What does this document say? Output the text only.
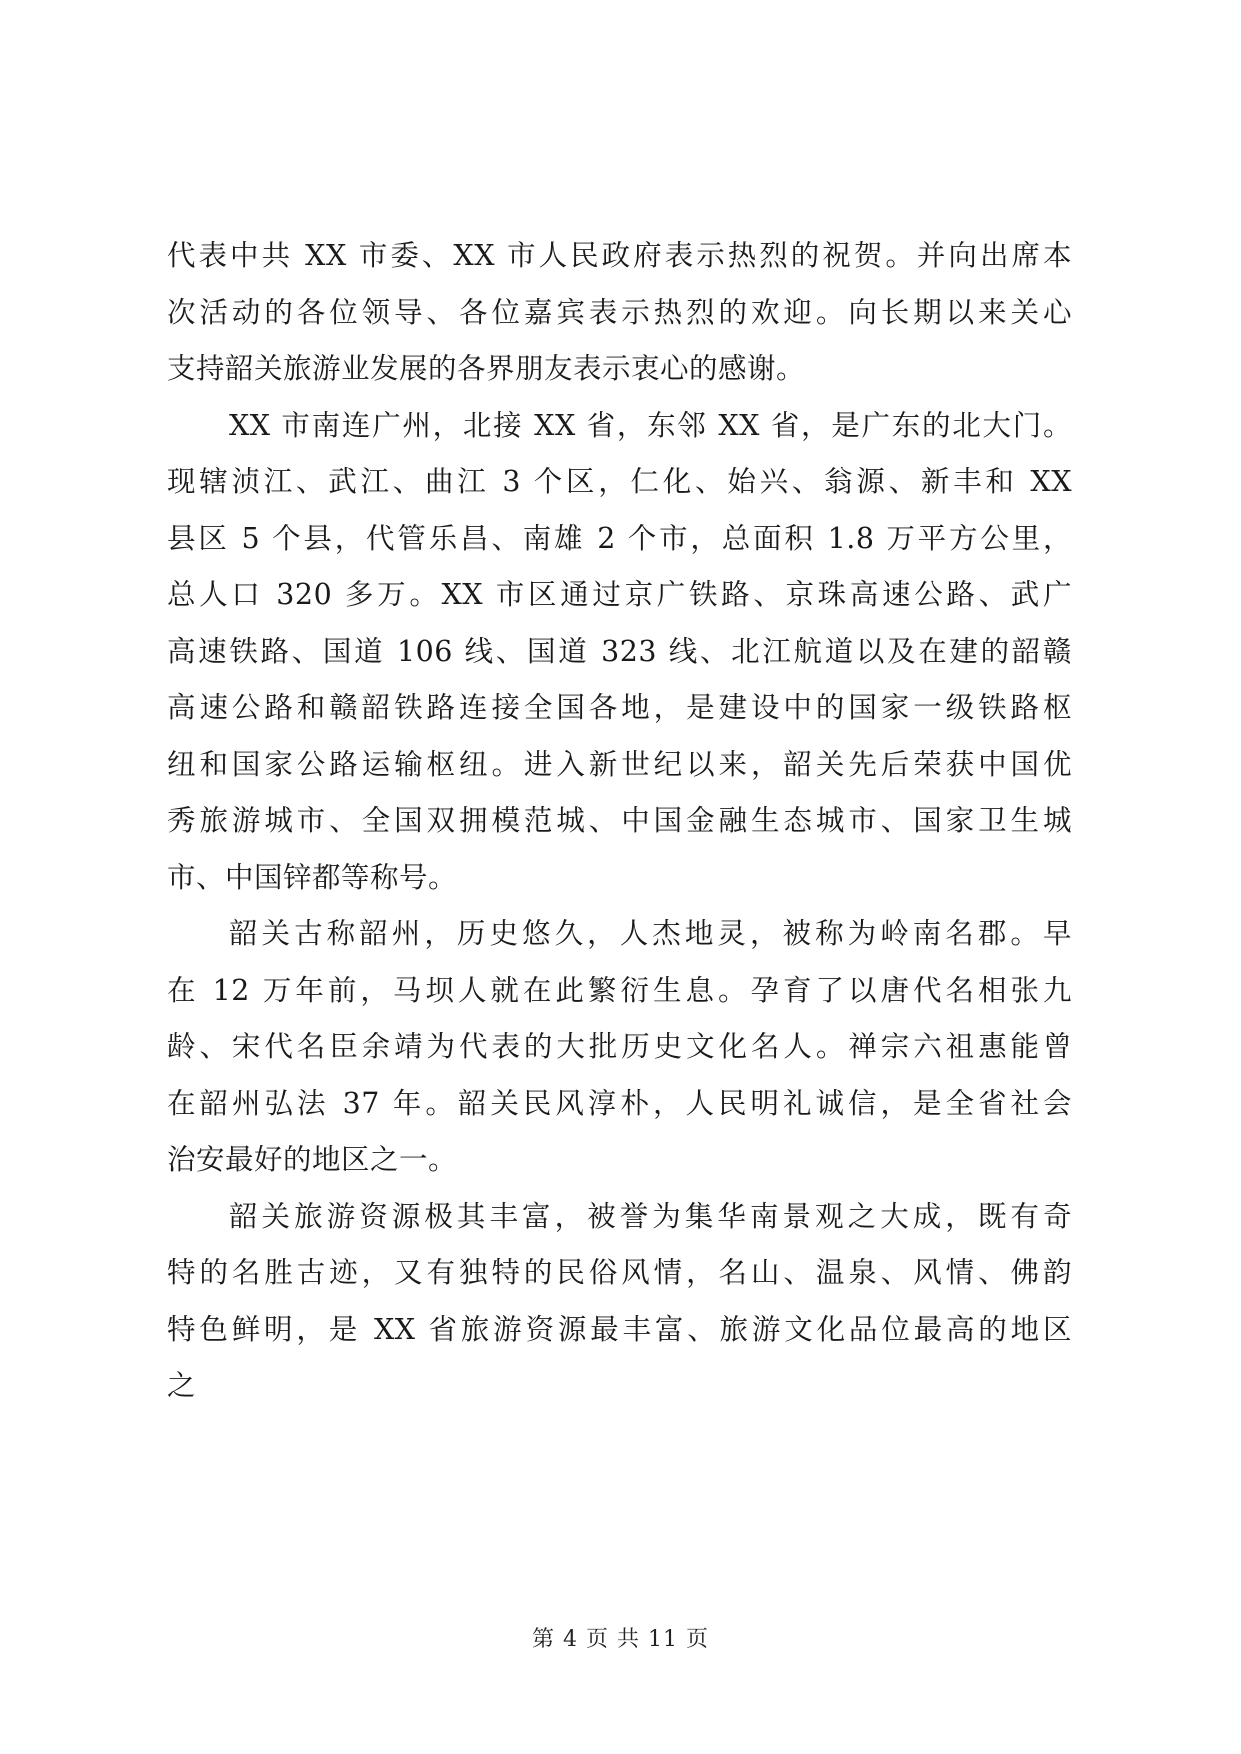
代表中共 XX 市委、XX 市人民政府表示热烈的祝贺。并向出席本
次活动的各位领导、各位嘉宾表示热烈的欢迎。向长期以来关心
支持韶关旅游业发展的各界朋友表示衷心的感谢。
XX 市南连广州，北接 XX 省，东邻 XX 省，是广东的北大门。
现辖浈江、武江、曲江 3 个区，仁化、始兴、翁源、新丰和 XX
县区 5 个县，代管乐昌、南雄 2 个市，总面积 1.8 万平方公里，
总人口 320 多万。XX 市区通过京广铁路、京珠高速公路、武广
高速铁路、国道 106 线、国道 323 线、北江航道以及在建的韶赣
高速公路和赣韶铁路连接全国各地，是建设中的国家一级铁路枢
纽和国家公路运输枢纽。进入新世纪以来，韶关先后荣获中国优
秀旅游城市、全国双拥模范城、中国金融生态城市、国家卫生城
市、中国锌都等称号。
韶关古称韶州，历史悠久，人杰地灵，被称为岭南名郡。早
在 12 万年前，马坝人就在此繁衍生息。孕育了以唐代名相张九
龄、宋代名臣余靖为代表的大批历史文化名人。禅宗六祖惠能曾
在韶州弘法 37 年。韶关民风淳朴，人民明礼诚信，是全省社会
治安最好的地区之一。
韶关旅游资源极其丰富，被誉为集华南景观之大成，既有奇
特的名胜古迹，又有独特的民俗风情，名山、温泉、风情、佛韵
特色鲜明，是 XX 省旅游资源最丰富、旅游文化品位最高的地区
之
第 4 页 共 11 页
